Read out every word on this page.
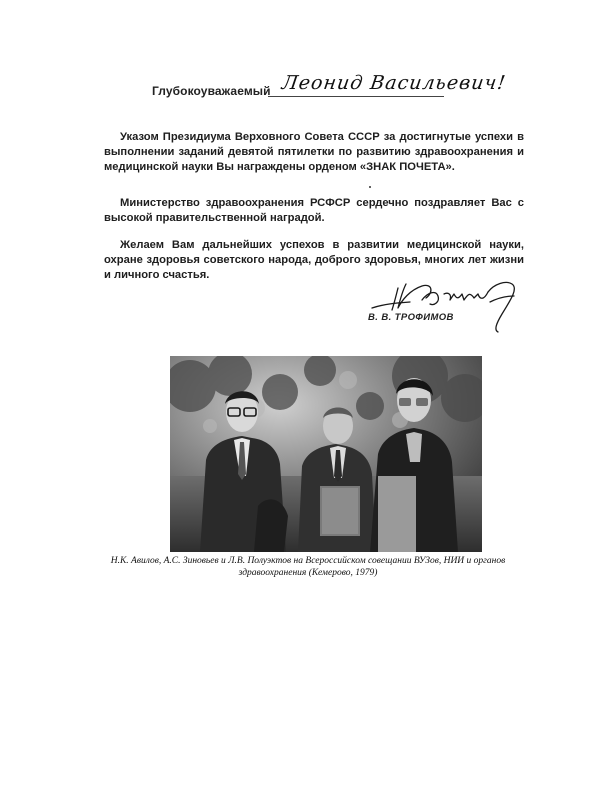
Глубокоуважаемый Леонид Васильевич!

Указом Президиума Верховного Совета СССР за достигнутые успехи в выполнении заданий девятой пятилетки по развитию здравоохранения и медицинской науки Вы награждены орденом «ЗНАК ПОЧЕТА».

Министерство здравоохранения РСФСР сердечно поздравляет Вас с высокой правительственной наградой.

Желаем Вам дальнейших успехов в развитии медицинской науки, охране здоровья советского народа, доброго здоровья, многих лет жизни и личного счастья.

В. В. ТРОФИМОВ

Н.К. Авилов, А.С. Зиновьев и Л.В. Полуэктов на Всероссийском совещании ВУЗов, НИИ и органов здравоохранения (Кемерово, 1979)
